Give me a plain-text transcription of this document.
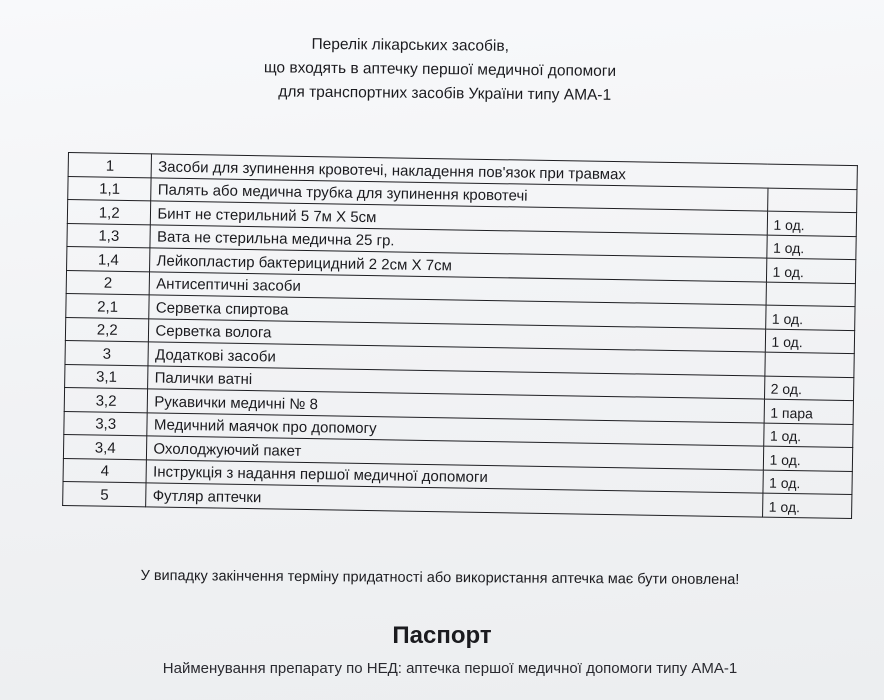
Перелік лікарських засобів,
що входять в аптечку першої медичної допомоги
для транспортних засобів України типу АМА-1
1	Засоби для зупинення кровотечі, накладення пов'язок при травмах	
1,1	Палять або медична трубка для зупинення кровотечі	
1,2	Бинт не стерильний 5 7м Х 5см	1 од.
1,3	Вата не стерильна медична 25 гр.	1 од.
1,4	Лейкопластир бактерицидний 2 2см Х 7см	1 од.
2	Антисептичні засоби	
2,1	Серветка спиртова	1 од.
2,2	Серветка волога	1 од.
3	Додаткові засоби	
3,1	Палички ватні	2 од.
3,2	Рукавички медичні № 8	1 пара
3,3	Медичний маячок про допомогу	1 од.
3,4	Охолоджуючий пакет	1 од.
4	Інструкція з надання першої медичної допомоги	1 од.
5	Футляр аптечки	1 од.
У випадку закінчення терміну придатності або використання аптечка має бути оновлена!
Паспорт
Найменування препарату по НЕД: аптечка першої медичної допомоги типу АМА-1
